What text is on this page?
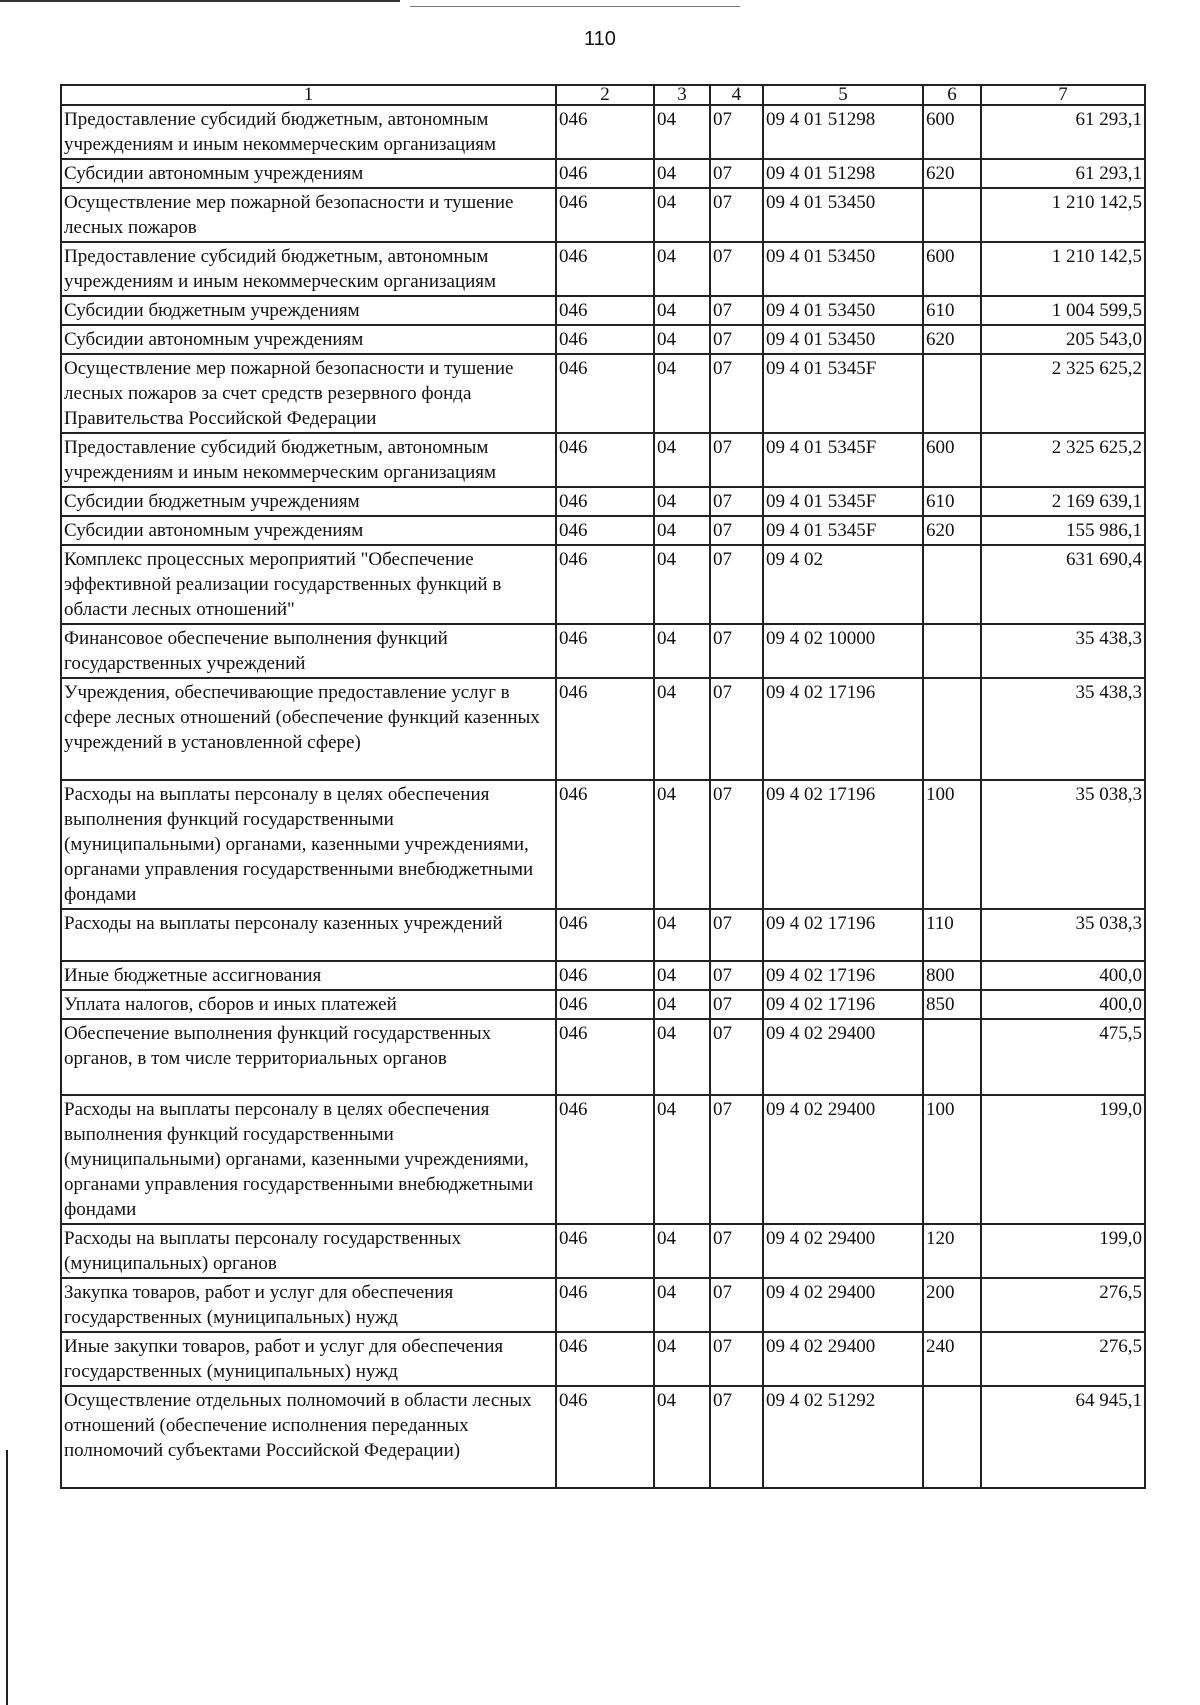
110
1	2	3	4	5	6	7
Предоставление субсидий бюджетным, автономным учреждениям и иным некоммерческим организациям	046	04	07	09 4 01 51298	600	61 293,1
Субсидии автономным учреждениям	046	04	07	09 4 01 51298	620	61 293,1
Осуществление мер пожарной безопасности и тушение лесных пожаров	046	04	07	09 4 01 53450		1 210 142,5
Предоставление субсидий бюджетным, автономным учреждениям и иным некоммерческим организациям	046	04	07	09 4 01 53450	600	1 210 142,5
Субсидии бюджетным учреждениям	046	04	07	09 4 01 53450	610	1 004 599,5
Субсидии автономным учреждениям	046	04	07	09 4 01 53450	620	205 543,0
Осуществление мер пожарной безопасности и тушение лесных пожаров за счет средств резервного фонда Правительства Российской Федерации	046	04	07	09 4 01 5345F		2 325 625,2
Предоставление субсидий бюджетным, автономным учреждениям и иным некоммерческим организациям	046	04	07	09 4 01 5345F	600	2 325 625,2
Субсидии бюджетным учреждениям	046	04	07	09 4 01 5345F	610	2 169 639,1
Субсидии автономным учреждениям	046	04	07	09 4 01 5345F	620	155 986,1
Комплекс процессных мероприятий "Обеспечение эффективной реализации государственных функций в области лесных отношений"	046	04	07	09 4 02		631 690,4
Финансовое обеспечение выполнения функций государственных учреждений	046	04	07	09 4 02 10000		35 438,3
Учреждения, обеспечивающие предоставление услуг в сфере лесных отношений (обеспечение функций казенных учреждений в установленной сфере)	046	04	07	09 4 02 17196		35 438,3
Расходы на выплаты персоналу в целях обеспечения выполнения функций государственными (муниципальными) органами, казенными учреждениями, органами управления государственными внебюджетными фондами	046	04	07	09 4 02 17196	100	35 038,3
Расходы на выплаты персоналу казенных учреждений	046	04	07	09 4 02 17196	110	35 038,3
Иные бюджетные ассигнования	046	04	07	09 4 02 17196	800	400,0
Уплата налогов, сборов и иных платежей	046	04	07	09 4 02 17196	850	400,0
Обеспечение выполнения функций государственных органов, в том числе территориальных органов	046	04	07	09 4 02 29400		475,5
Расходы на выплаты персоналу в целях обеспечения выполнения функций государственными (муниципальными) органами, казенными учреждениями, органами управления государственными внебюджетными фондами	046	04	07	09 4 02 29400	100	199,0
Расходы на выплаты персоналу государственных (муниципальных) органов	046	04	07	09 4 02 29400	120	199,0
Закупка товаров, работ и услуг для обеспечения государственных (муниципальных) нужд	046	04	07	09 4 02 29400	200	276,5
Иные закупки товаров, работ и услуг для обеспечения государственных (муниципальных) нужд	046	04	07	09 4 02 29400	240	276,5
Осуществление отдельных полномочий в области лесных отношений (обеспечение исполнения переданных полномочий субъектами Российской Федерации)	046	04	07	09 4 02 51292		64 945,1
